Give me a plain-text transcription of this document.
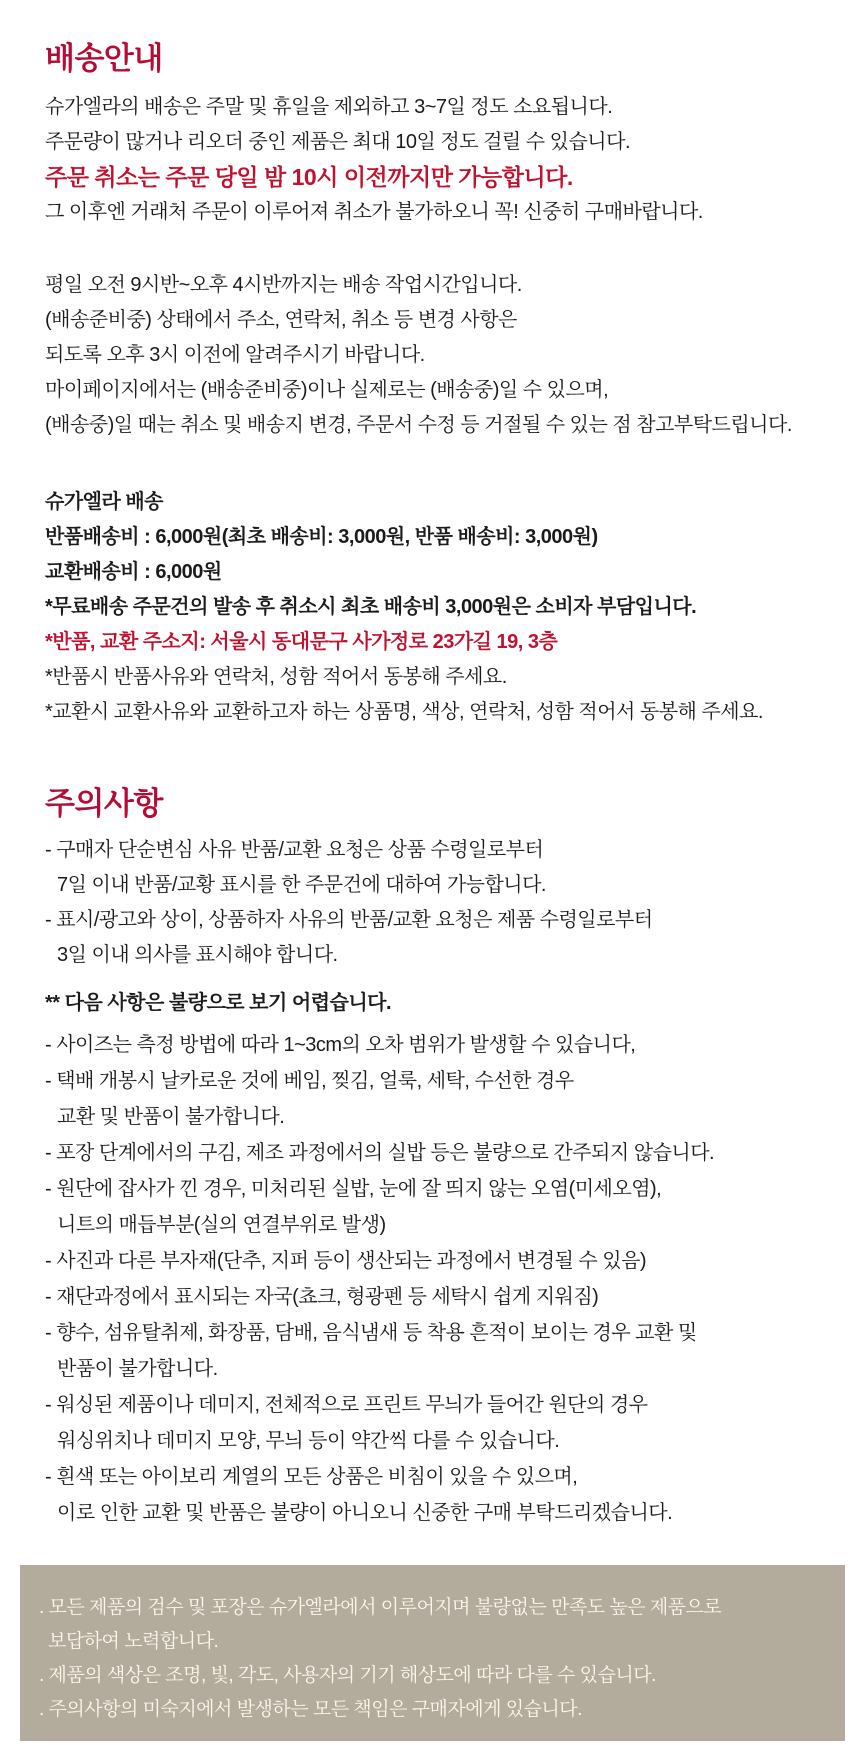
배송안내
슈가엘라의 배송은 주말 및 휴일을 제외하고 3~7일 정도 소요됩니다.
주문량이 많거나 리오더 중인 제품은 최대 10일 정도 걸릴 수 있습니다.
주문 취소는 주문 당일 밤 10시 이전까지만 가능합니다.
그 이후엔 거래처 주문이 이루어져 취소가 불가하오니 꼭! 신중히 구매바랍니다.
평일 오전 9시반~오후 4시반까지는 배송 작업시간입니다.
(배송준비중) 상태에서 주소, 연락처, 취소 등 변경 사항은
되도록 오후 3시 이전에 알려주시기 바랍니다.
마이페이지에서는 (배송준비중)이나 실제로는 (배송중)일 수 있으며,
(배송중)일 때는 취소 및 배송지 변경, 주문서 수정 등 거절될 수 있는 점 참고부탁드립니다.
슈가엘라 배송
반품배송비 : 6,000원(최초 배송비: 3,000원, 반품 배송비: 3,000원)
교환배송비 : 6,000원
*무료배송 주문건의 발송 후 취소시 최초 배송비 3,000원은 소비자 부담입니다.
*반품, 교환 주소지: 서울시 동대문구 사가정로 23가길 19, 3층
*반품시 반품사유와 연락처, 성함 적어서 동봉해 주세요.
*교환시 교환사유와 교환하고자 하는 상품명, 색상, 연락처, 성함 적어서 동봉해 주세요.
주의사항
- 구매자 단순변심 사유 반품/교환 요청은 상품 수령일로부터
7일 이내 반품/교황 표시를 한 주문건에 대하여 가능합니다.
- 표시/광고와 상이, 상품하자 사유의 반품/교환 요청은 제품 수령일로부터
3일 이내 의사를 표시해야 합니다.
** 다음 사항은 불량으로 보기 어렵습니다.
- 사이즈는 측정 방법에 따라 1~3cm의 오차 범위가 발생할 수 있습니다,
- 택배 개봉시 날카로운 것에 베임, 찢김, 얼룩, 세탁, 수선한 경우
교환 및 반품이 불가합니다.
- 포장 단계에서의 구김, 제조 과정에서의 실밥 등은 불량으로 간주되지 않습니다.
- 원단에 잡사가 낀 경우, 미처리된 실밥, 눈에 잘 띄지 않는 오염(미세오염),
니트의 매듭부분(실의 연결부위로 발생)
- 사진과 다른 부자재(단추, 지퍼 등이 생산되는 과정에서 변경될 수 있음)
- 재단과정에서 표시되는 자국(쵸크, 형광펜 등 세탁시 쉽게 지워짐)
- 향수, 섬유탈취제, 화장품, 담배, 음식냄새 등 착용 흔적이 보이는 경우 교환 및
반품이 불가합니다.
- 워싱된 제품이나 데미지, 전체적으로 프린트 무늬가 들어간 원단의 경우
워싱위치나 데미지 모양, 무늬 등이 약간씩 다를 수 있습니다.
- 흰색 또는 아이보리 계열의 모든 상품은 비침이 있을 수 있으며,
이로 인한 교환 및 반품은 불량이 아니오니 신중한 구매 부탁드리겠습니다.
. 모든 제품의 검수 및 포장은 슈가엘라에서 이루어지며 불량없는 만족도 높은 제품으로
보답하여 노력합니다.
. 제품의 색상은 조명, 빛, 각도, 사용자의 기기 해상도에 따라 다를 수 있습니다.
. 주의사항의 미숙지에서 발생하는 모든 책임은 구매자에게 있습니다.
